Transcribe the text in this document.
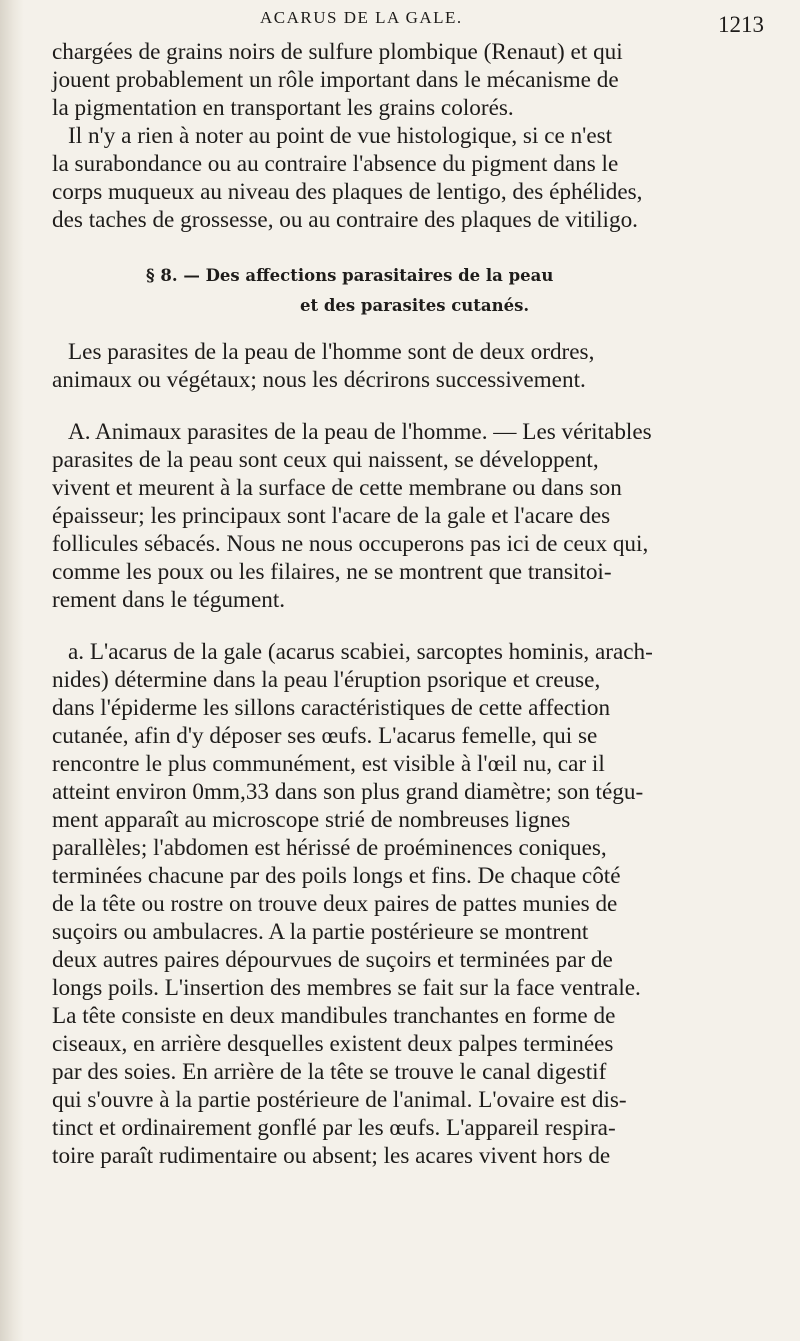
ACARUS DE LA GALE.	1213
chargées de grains noirs de sulfure plombique (Renaut) et qui
jouent probablement un rôle important dans le mécanisme de
la pigmentation en transportant les grains colorés.
Il n'y a rien à noter au point de vue histologique, si ce n'est
la surabondance ou au contraire l'absence du pigment dans le
corps muqueux au niveau des plaques de lentigo, des éphélides,
des taches de grossesse, ou au contraire des plaques de vitiligo.
§ 8. — Des affections parasitaires de la peau
et des parasites cutanés.
Les parasites de la peau de l'homme sont de deux ordres,
animaux ou végétaux; nous les décrirons successivement.
A. Animaux parasites de la peau de l'homme. — Les véritables
parasites de la peau sont ceux qui naissent, se développent,
vivent et meurent à la surface de cette membrane ou dans son
épaisseur; les principaux sont l'acare de la gale et l'acare des
follicules sébacés. Nous ne nous occuperons pas ici de ceux qui,
comme les poux ou les filaires, ne se montrent que transitoi-
rement dans le tégument.
a. L'acarus de la gale (acarus scabiei, sarcoptes hominis, arach-
nides) détermine dans la peau l'éruption psorique et creuse,
dans l'épiderme les sillons caractéristiques de cette affection
cutanée, afin d'y déposer ses œufs. L'acarus femelle, qui se
rencontre le plus communément, est visible à l'œil nu, car il
atteint environ 0mm,33 dans son plus grand diamètre; son tégu-
ment apparaît au microscope strié de nombreuses lignes
parallèles; l'abdomen est hérissé de proéminences coniques,
terminées chacune par des poils longs et fins. De chaque côté
de la tête ou rostre on trouve deux paires de pattes munies de
suçoirs ou ambulacres. A la partie postérieure se montrent
deux autres paires dépourvues de suçoirs et terminées par de
longs poils. L'insertion des membres se fait sur la face ventrale.
La tête consiste en deux mandibules tranchantes en forme de
ciseaux, en arrière desquelles existent deux palpes terminées
par des soies. En arrière de la tête se trouve le canal digestif
qui s'ouvre à la partie postérieure de l'animal. L'ovaire est dis-
tinct et ordinairement gonflé par les œufs. L'appareil respira-
toire paraît rudimentaire ou absent; les acares vivent hors de
